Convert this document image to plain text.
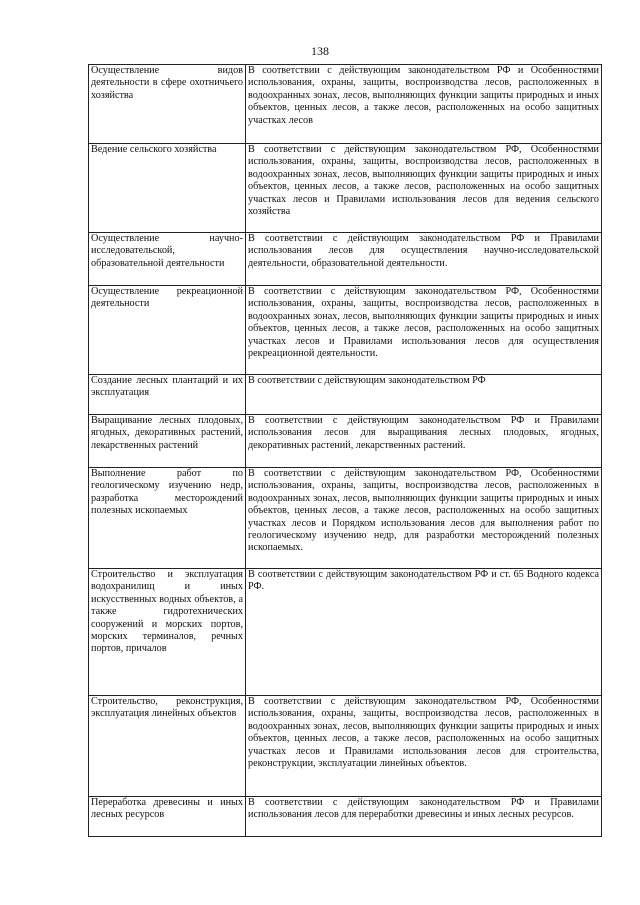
138
Осуществление видов деятельности в сфере охотничьего хозяйства	В соответствии с действующим законодательством РФ и Особенностями использования, охраны, защиты, воспроизводства лесов, расположенных в водоохранных зонах, лесов, выполняющих функции защиты природных и иных объектов, ценных лесов, а также лесов, расположенных на особо защитных участках лесов
Ведение сельского хозяйства	В соответствии с действующим законодательством РФ, Особенностями использования, охраны, защиты, воспроизводства лесов, расположенных в водоохранных зонах, лесов, выполняющих функции защиты природных и иных объектов, ценных лесов, а также лесов, расположенных на особо защитных участках лесов и Правилами использования лесов для ведения сельского хозяйства
Осуществление научно-исследовательской, образовательной деятельности	В соответствии с действующим законодательством РФ и Правилами использования лесов для осуществления научно-исследовательской деятельности, образовательной деятельности.
Осуществление рекреационной деятельности	В соответствии с действующим законодательством РФ, Особенностями использования, охраны, защиты, воспроизводства лесов, расположенных в водоохранных зонах, лесов, выполняющих функции защиты природных и иных объектов, ценных лесов, а также лесов, расположенных на особо защитных участках лесов и Правилами использования лесов для осуществления рекреационной деятельности.
Создание лесных плантаций и их эксплуатация	В соответствии с действующим законодательством РФ
Выращивание лесных плодовых, ягодных, декоративных растений, лекарственных растений	В соответствии с действующим законодательством РФ и Правилами использования лесов для выращивания лесных плодовых, ягодных, декоративных растений, лекарственных растений.
Выполнение работ по геологическому изучению недр, разработка месторождений полезных ископаемых	В соответствии с действующим законодательством РФ, Особенностями использования, охраны, защиты, воспроизводства лесов, расположенных в водоохранных зонах, лесов, выполняющих функции защиты природных и иных объектов, ценных лесов, а также лесов, расположенных на особо защитных участках лесов и Порядком использования лесов для выполнения работ по геологическому изучению недр, для разработки месторождений полезных ископаемых.
Строительство и эксплуатация водохранилищ и иных искусственных водных объектов, а также гидротехнических сооружений и морских портов, морских терминалов, речных портов, причалов	В соответствии с действующим законодательством РФ и ст. 65 Водного кодекса РФ.
Строительство, реконструкция, эксплуатация линейных объектов	В соответствии с действующим законодательством РФ, Особенностями использования, охраны, защиты, воспроизводства лесов, расположенных в водоохранных зонах, лесов, выполняющих функции защиты природных и иных объектов, ценных лесов, а также лесов, расположенных на особо защитных участках лесов и Правилами использования лесов для строительства, реконструкции, эксплуатации линейных объектов.
Переработка древесины и иных лесных ресурсов	В соответствии с действующим законодательством РФ и Правилами использования лесов для переработки древесины и иных лесных ресурсов.
